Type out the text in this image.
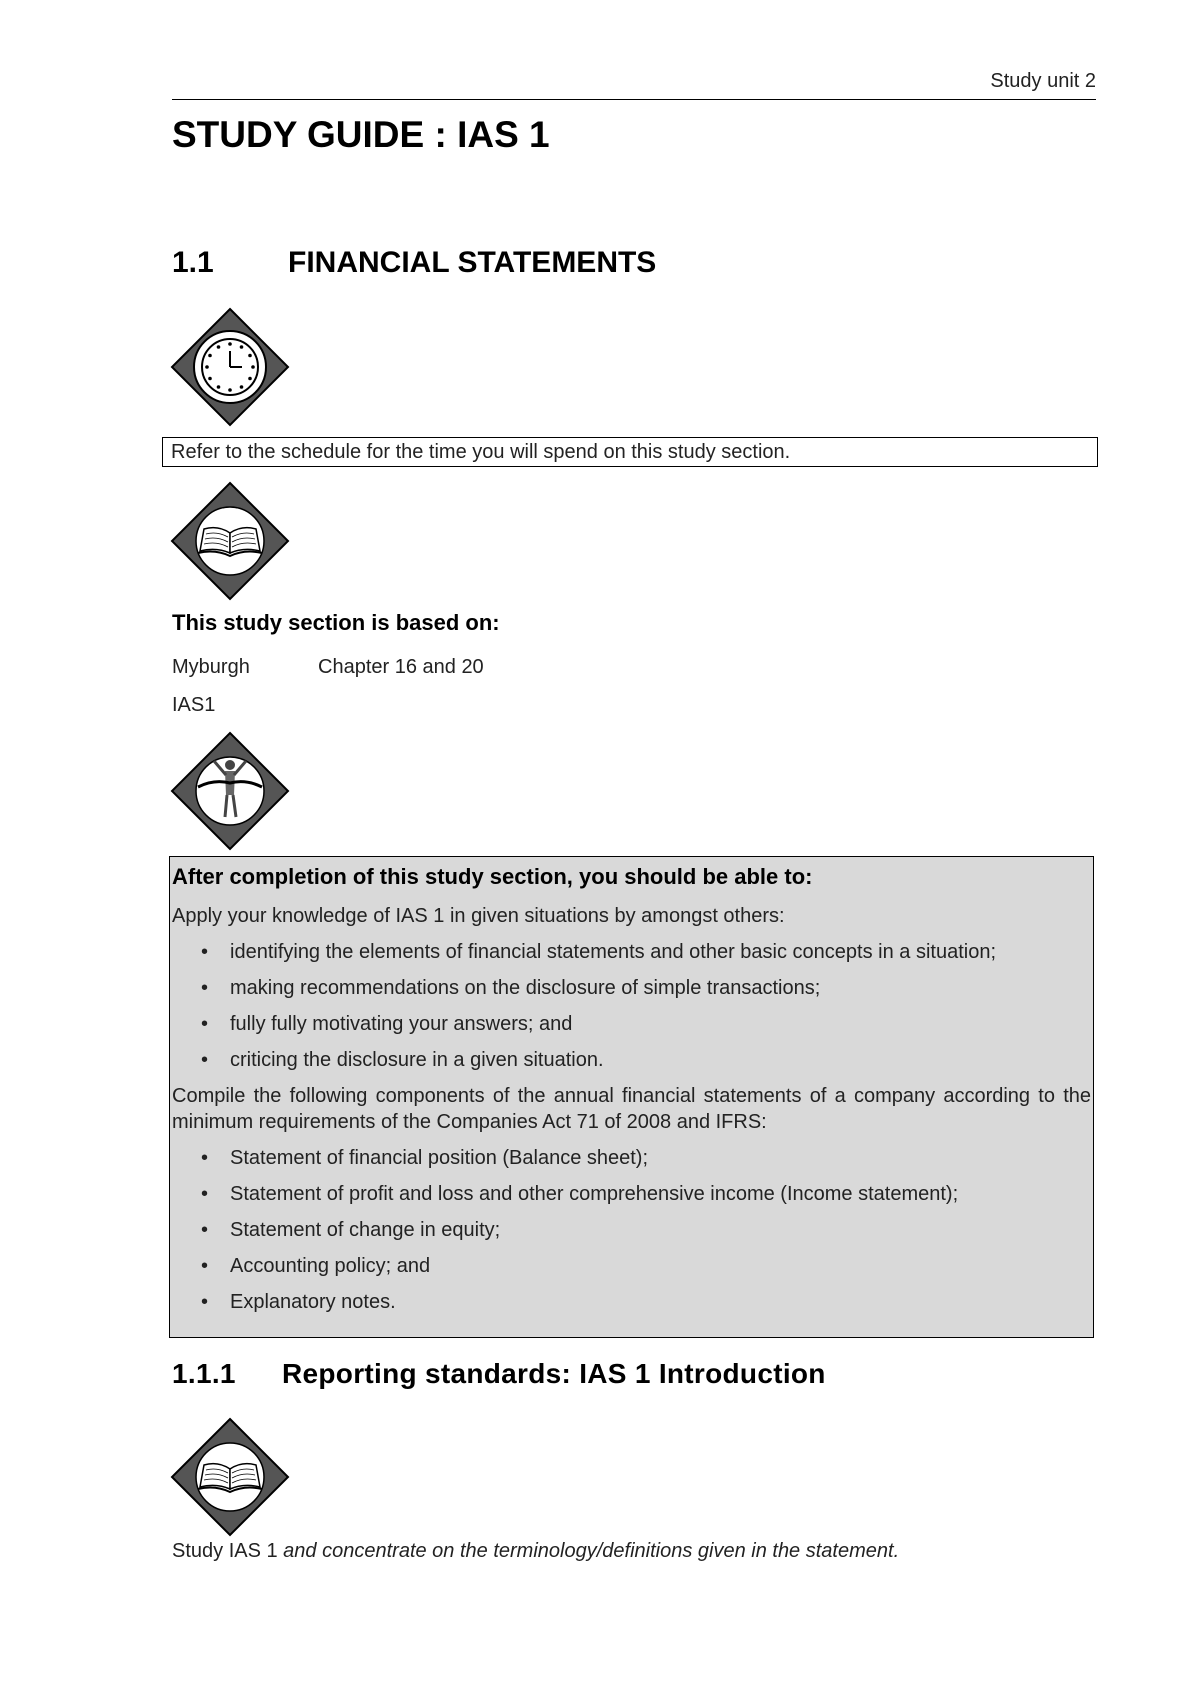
Study unit 2
STUDY GUIDE : IAS 1
1.1 FINANCIAL STATEMENTS
Refer to the schedule for the time you will spend on this study section.
This study section is based on:
Myburgh	Chapter 16 and 20
IAS1

After completion of this study section, you should be able to:

Apply your knowledge of IAS 1 in given situations by amongst others:

• identifying the elements of financial statements and other basic concepts in a situation;
• making recommendations on the disclosure of simple transactions;
• fully fully motivating your answers; and
• criticing the disclosure in a given situation.

Compile the following components of the annual financial statements of a company according to the minimum requirements of the Companies Act 71 of 2008 and IFRS:

• Statement of financial position (Balance sheet);
• Statement of profit and loss and other comprehensive income (Income statement);
• Statement of change in equity;
• Accounting policy; and
• Explanatory notes.
1.1.1 Reporting standards: IAS 1 Introduction
Study IAS 1 and concentrate on the terminology/definitions given in the statement.
